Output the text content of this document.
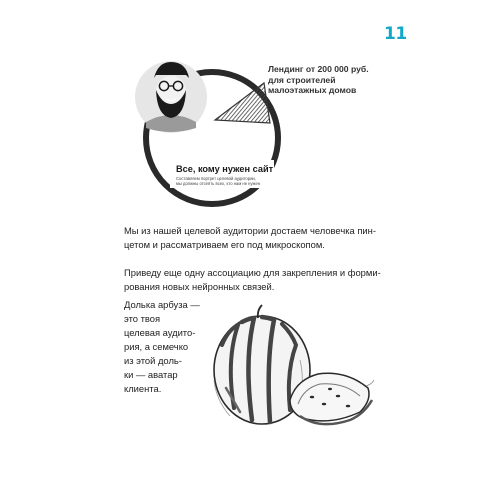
11
Лендинг от 200 000 руб.
для строителей
малоэтажных домов
Все, кому нужен сайт
Составляем портрет целевой аудитории,
мы должны отсеять всех, кто нам не нужен
Мы из нашей целевой аудитории достаем человечка пин-
цетом и рассматриваем его под микроскопом.
Приведу еще одну ассоциацию для закрепления и форми-
рования новых нейронных связей.
Долька арбуза —
это твоя
целевая аудито-
рия, а семечко
из этой доль-
ки — аватар
клиента.
